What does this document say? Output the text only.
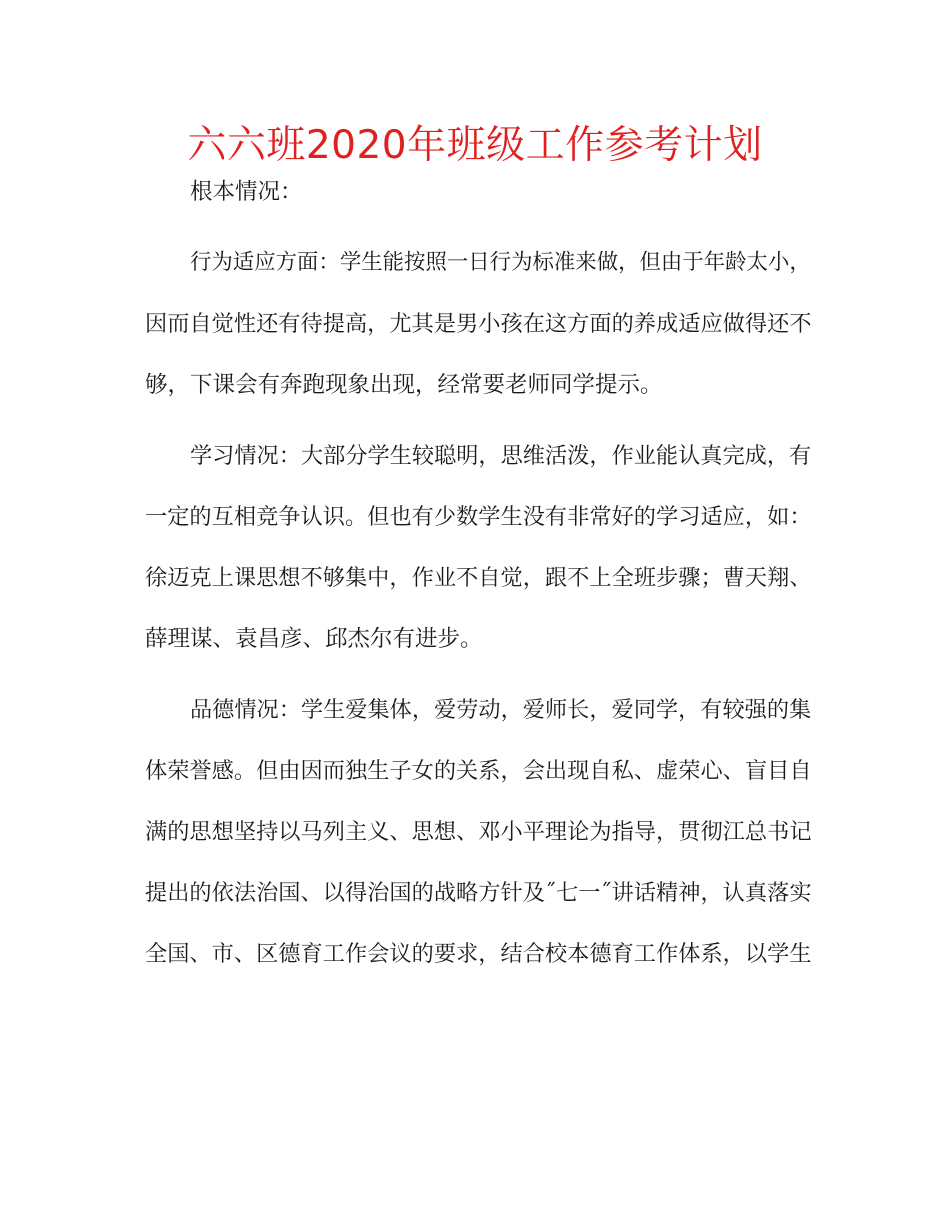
六六班2020年班级工作参考计划
根本情况：
行为适应方面：学生能按照一日行为标准来做，但由于年龄太小，
因而自觉性还有待提高，尤其是男小孩在这方面的养成适应做得还不
够，下课会有奔跑现象出现，经常要老师同学提示。
学习情况：大部分学生较聪明，思维活泼，作业能认真完成，有
一定的互相竞争认识。但也有少数学生没有非常好的学习适应，如：
徐迈克上课思想不够集中，作业不自觉，跟不上全班步骤；曹天翔、
薛理谋、袁昌彦、邱杰尔有进步。
品德情况：学生爱集体，爱劳动，爱师长，爱同学，有较强的集
体荣誉感。但由因而独生子女的关系，会出现自私、虚荣心、盲目自
满的思想坚持以马列主义、思想、邓小平理论为指导，贯彻江总书记
提出的依法治国、以得治国的战略方针及˝七一˝讲话精神，认真落实
全国、市、区德育工作会议的要求，结合校本德育工作体系，以学生
